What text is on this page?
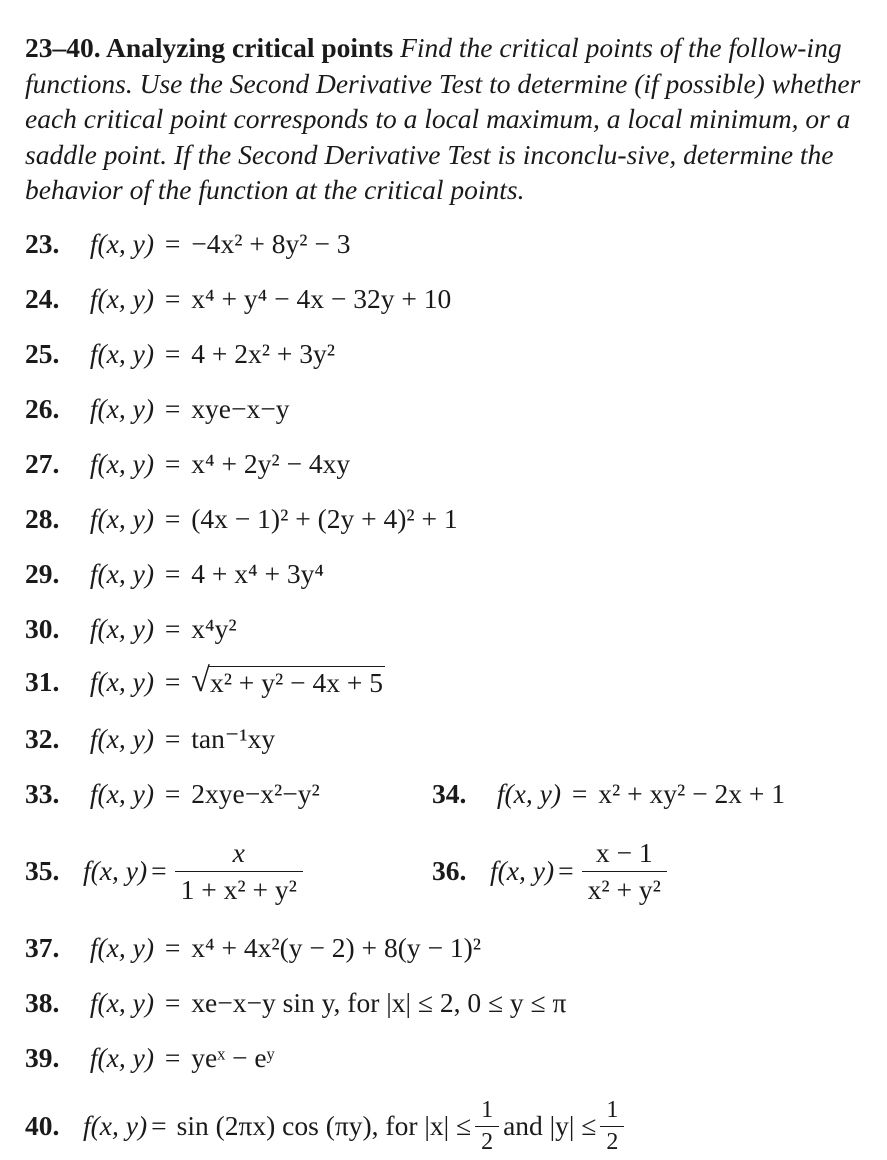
23–40. Analyzing critical points Find the critical points of the follow-ing functions. Use the Second Derivative Test to determine (if possible) whether each critical point corresponds to a local maximum, a local minimum, or a saddle point. If the Second Derivative Test is inconclu-sive, determine the behavior of the function at the critical points.
23. f(x, y) = −4x² + 8y² − 3
24. f(x, y) = x⁴ + y⁴ − 4x − 32y + 10
25. f(x, y) = 4 + 2x² + 3y²
26. f(x, y) = xye−x−y
27. f(x, y) = x⁴ + 2y² − 4xy
28. f(x, y) = (4x − 1)² + (2y + 4)² + 1
29. f(x, y) = 4 + x⁴ + 3y⁴
30. f(x, y) = x⁴y²
31. f(x, y) = √ x² + y² − 4x + 5
32. f(x, y) = tan⁻¹xy
33. f(x, y) = 2xye−x²−y²	34. f(x, y) = x² + xy² − 2x + 1
35. f(x, $y) = \frac{x}{\text{1 + x² + y²}}$	36. f(x, $y) = \frac{x - 1}{\text{x² + y²}}$
37. f(x, y) = x⁴ + 4x²(y − 2) + 8(y − 1)²
38. f(x, y) = xe−x−y sin y, for |x| ≤ 2, 0 ≤ y ≤ π
39. f(x, y) = yeˣ − eʸ
40. f(x, y) = sin (2πx) cos (πy), for $|x| \le \frac{1}{2}$ and $|y| \le \frac{1}{2}$
